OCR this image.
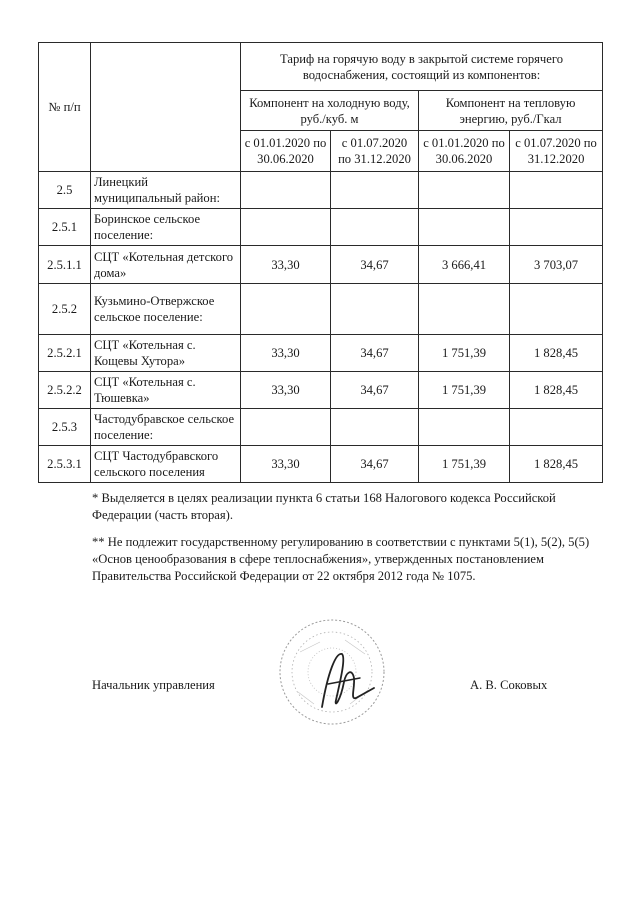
№ п/п		Тариф на горячую воду в закрытой системе горячего водоснабжения, состоящий из компонентов:			
		Компонент на холодную воду, руб./куб. м		Компонент на тепловую энергию, руб./Гкал	
		с 01.01.2020 по 30.06.2020	с 01.07.2020 по 31.12.2020	с 01.01.2020 по 30.06.2020	с 01.07.2020 по 31.12.2020
2.5	Линецкий муниципальный район:				
2.5.1	Боринское сельское поселение:				
2.5.1.1	СЦТ «Котельная детского дома»	33,30	34,67	3 666,41	3 703,07
2.5.2	Кузьмино-Отвержское сельское поселение:				
2.5.2.1	СЦТ «Котельная с. Кощевы Хутора»	33,30	34,67	1 751,39	1 828,45
2.5.2.2	СЦТ «Котельная с. Тюшевка»	33,30	34,67	1 751,39	1 828,45
2.5.3	Частодубравское сельское поселение:				
2.5.3.1	СЦТ Частодубравского сельского поселения	33,30	34,67	1 751,39	1 828,45

* Выделяется в целях реализации пункта 6 статьи 168 Налогового кодекса Российской Федерации (часть вторая).

** Не подлежит государственному регулированию в соответствии с пунктами 5(1), 5(2), 5(5) «Основ ценообразования в сфере теплоснабжения», утвержденных постановлением Правительства Российской Федерации от 22 октября 2012 года № 1075.

Начальник управления	А. В. Соковых
